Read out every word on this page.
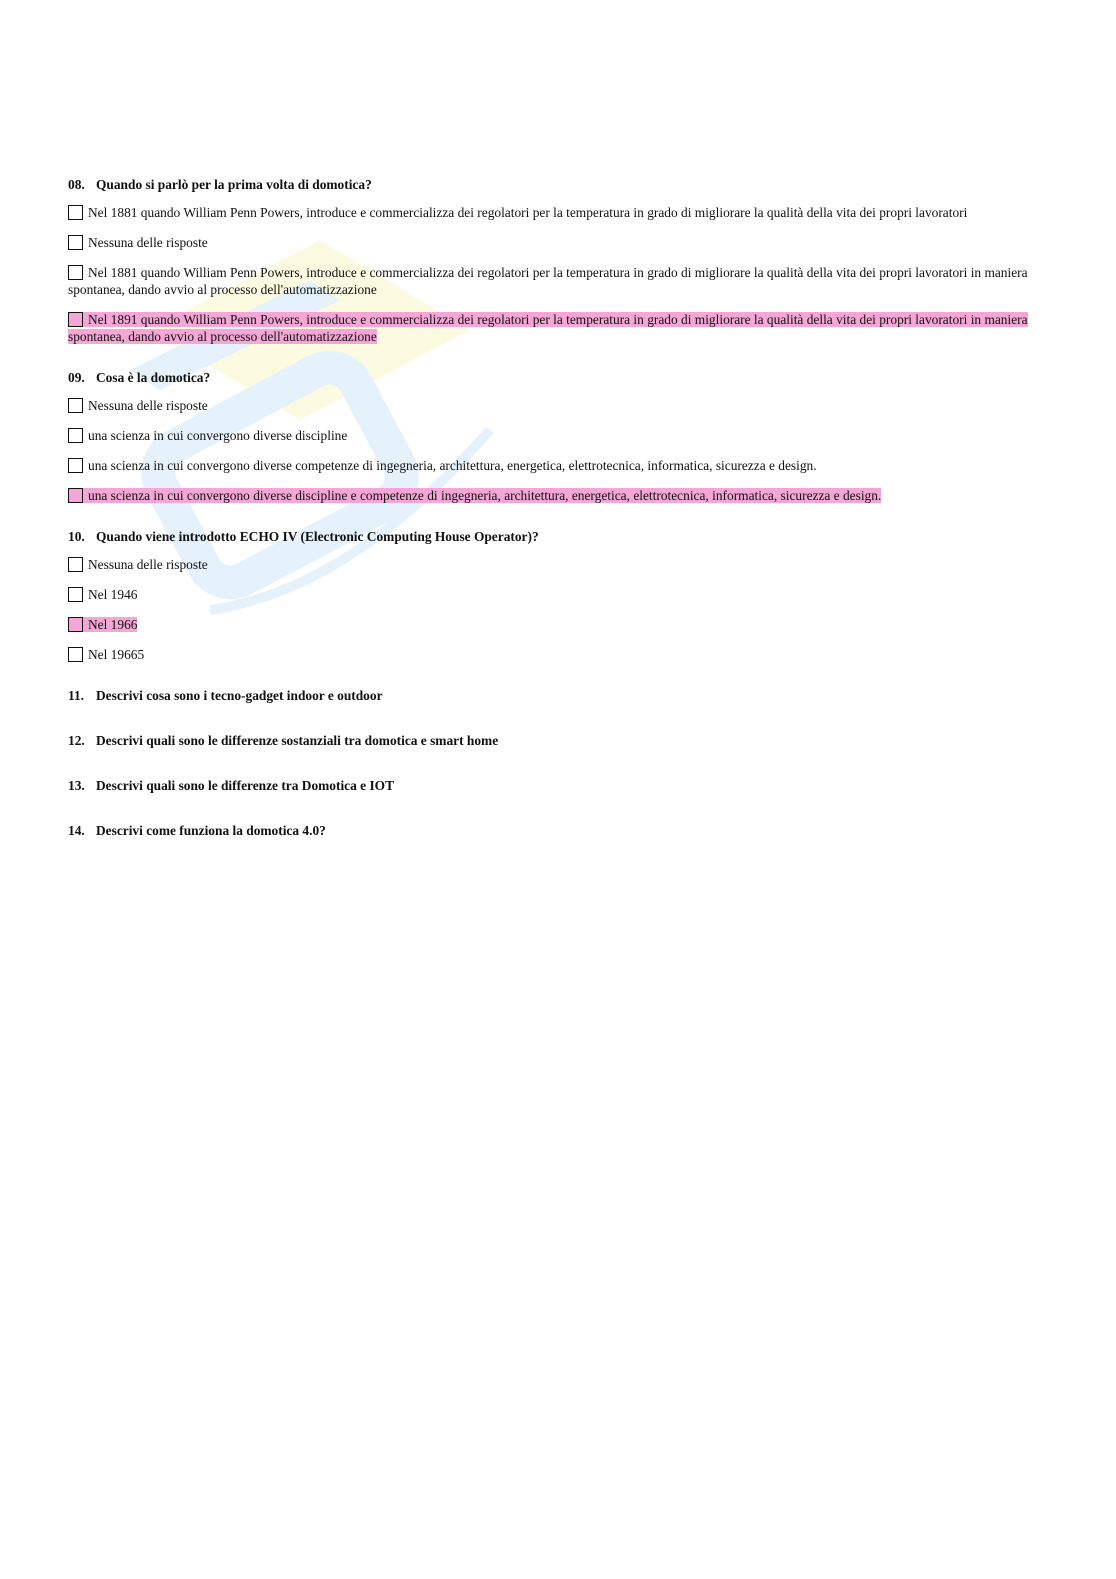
08. Quando si parlò per la prima volta di domotica?
Nel 1881 quando William Penn Powers, introduce e commercializza dei regolatori per la temperatura in grado di migliorare la qualità della vita dei propri lavoratori
Nessuna delle risposte
Nel 1881 quando William Penn Powers, introduce e commercializza dei regolatori per la temperatura in grado di migliorare la qualità della vita dei propri lavoratori in maniera spontanea, dando avvio al processo dell'automatizzazione
Nel 1891 quando William Penn Powers, introduce e commercializza dei regolatori per la temperatura in grado di migliorare la qualità della vita dei propri lavoratori in maniera spontanea, dando avvio al processo dell'automatizzazione
09. Cosa è la domotica?
Nessuna delle risposte
una scienza in cui convergono diverse discipline
una scienza in cui convergono diverse competenze di ingegneria, architettura, energetica, elettrotecnica, informatica, sicurezza e design.
una scienza in cui convergono diverse discipline e competenze di ingegneria, architettura, energetica, elettrotecnica, informatica, sicurezza e design.
10. Quando viene introdotto ECHO IV (Electronic Computing House Operator)?
Nessuna delle risposte
Nel 1946
Nel 1966
Nel 19665
11. Descrivi cosa sono i tecno-gadget indoor e outdoor
12. Descrivi quali sono le differenze sostanziali tra domotica e smart home
13. Descrivi quali sono le differenze tra Domotica e IOT
14. Descrivi come funziona la domotica 4.0?
